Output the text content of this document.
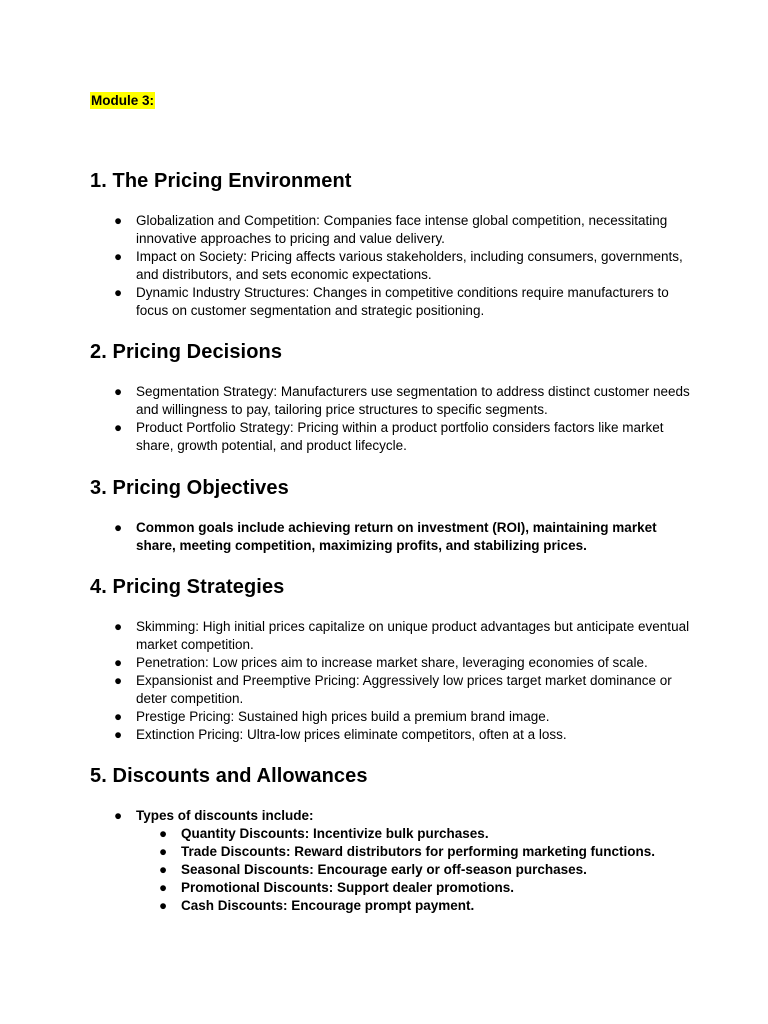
Module 3:
1. The Pricing Environment
●	Globalization and Competition: Companies face intense global competition, necessitating innovative approaches to pricing and value delivery.
●	Impact on Society: Pricing affects various stakeholders, including consumers, governments, and distributors, and sets economic expectations.
●	Dynamic Industry Structures: Changes in competitive conditions require manufacturers to focus on customer segmentation and strategic positioning.
2. Pricing Decisions
●	Segmentation Strategy: Manufacturers use segmentation to address distinct customer needs and willingness to pay, tailoring price structures to specific segments.
●	Product Portfolio Strategy: Pricing within a product portfolio considers factors like market share, growth potential, and product lifecycle.
3. Pricing Objectives
●	Common goals include achieving return on investment (ROI), maintaining market share, meeting competition, maximizing profits, and stabilizing prices.
4. Pricing Strategies
●	Skimming: High initial prices capitalize on unique product advantages but anticipate eventual market competition.
●	Penetration: Low prices aim to increase market share, leveraging economies of scale.
●	Expansionist and Preemptive Pricing: Aggressively low prices target market dominance or deter competition.
●	Prestige Pricing: Sustained high prices build a premium brand image.
●	Extinction Pricing: Ultra-low prices eliminate competitors, often at a loss.
5. Discounts and Allowances
●	Types of discounts include:
●	Quantity Discounts: Incentivize bulk purchases.
●	Trade Discounts: Reward distributors for performing marketing functions.
●	Seasonal Discounts: Encourage early or off-season purchases.
●	Promotional Discounts: Support dealer promotions.
●	Cash Discounts: Encourage prompt payment.
